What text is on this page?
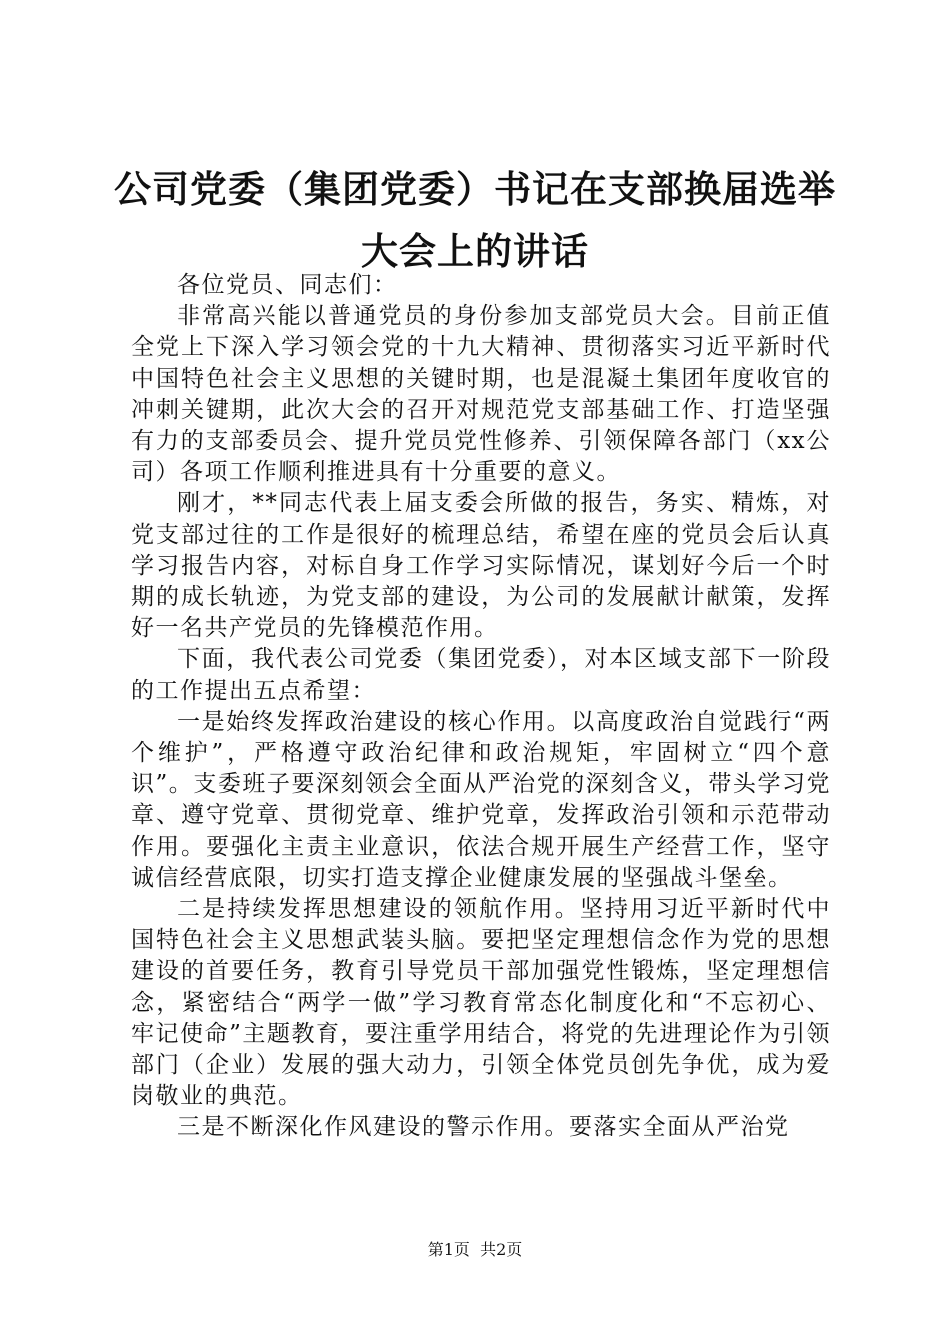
公司党委（集团党委）书记在支部换届选举大会上的讲话

各位党员、同志们：

非常高兴能以普通党员的身份参加支部党员大会。目前正值全党上下深入学习领会党的十九大精神、贯彻落实习近平新时代中国特色社会主义思想的关键时期，也是混凝土集团年度收官的冲刺关键期，此次大会的召开对规范党支部基础工作、打造坚强有力的支部委员会、提升党员党性修养、引领保障各部门（xx公司）各项工作顺利推进具有十分重要的意义。

刚才，**同志代表上届支委会所做的报告，务实、精炼，对党支部过往的工作是很好的梳理总结，希望在座的党员会后认真学习报告内容，对标自身工作学习实际情况，谋划好今后一个时期的成长轨迹，为党支部的建设，为公司的发展献计献策，发挥好一名共产党员的先锋模范作用。

下面，我代表公司党委（集团党委），对本区域支部下一阶段的工作提出五点希望：

一是始终发挥政治建设的核心作用。以高度政治自觉践行“两个维护”，严格遵守政治纪律和政治规矩，牢固树立“四个意识”。支委班子要深刻领会全面从严治党的深刻含义，带头学习党章、遵守党章、贯彻党章、维护党章，发挥政治引领和示范带动作用。要强化主责主业意识，依法合规开展生产经营工作，坚守诚信经营底限，切实打造支撑企业健康发展的坚强战斗堡垒。

二是持续发挥思想建设的领航作用。坚持用习近平新时代中国特色社会主义思想武装头脑。要把坚定理想信念作为党的思想建设的首要任务，教育引导党员干部加强党性锻炼，坚定理想信念，紧密结合“两学一做”学习教育常态化制度化和“不忘初心、牢记使命”主题教育，要注重学用结合，将党的先进理论作为引领部门（企业）发展的强大动力，引领全体党员创先争优，成为爱岗敬业的典范。

三是不断深化作风建设的警示作用。要落实全面从严治党

第1页 共2页
